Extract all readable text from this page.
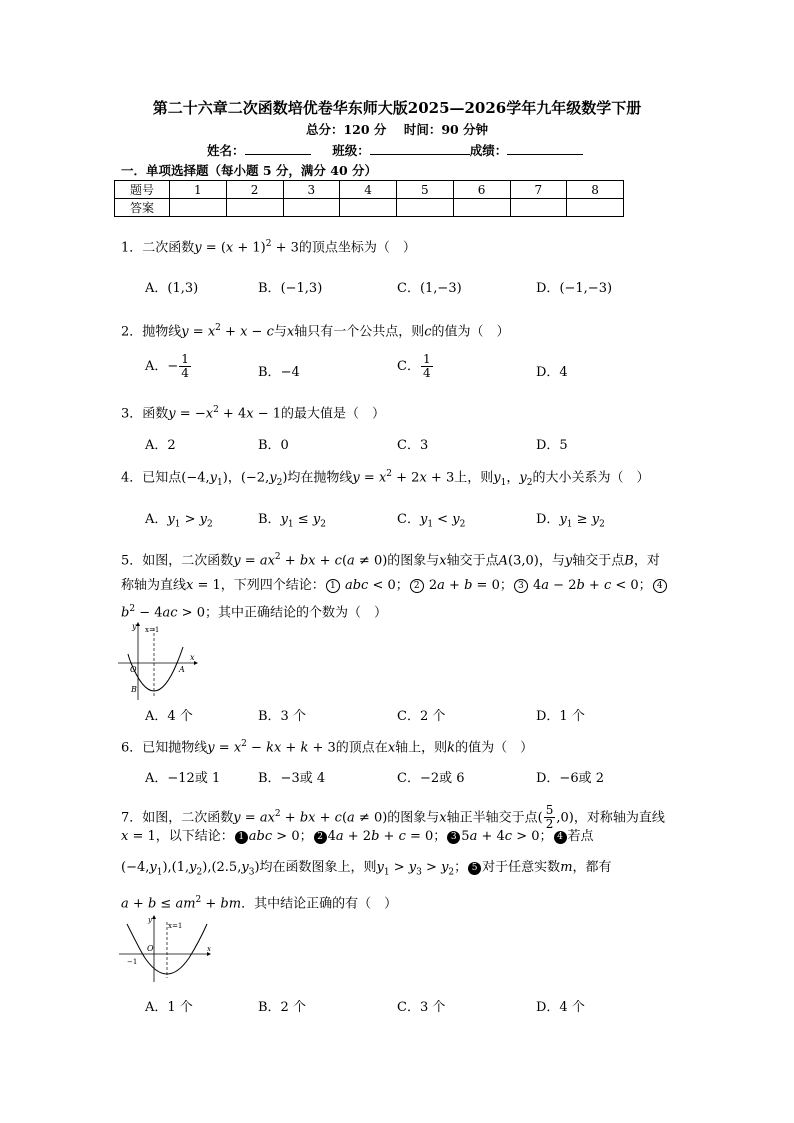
第二十六章二次函数培优卷华东师大版2025—2026学年九年级数学下册
总分：120 分 时间：90 分钟
姓名：	班级：	成绩：
一．单项选择题（每小题 5 分，满分 40 分）
题号	1	2	3	4	5	6	7	8
答案								
1．二次函数$y = (x + 1)^2 + 3$的顶点坐标为（　）
A．(1,3)	B．(−1,3)	C．(1,−3)	D．(−1,−3)
2．抛物线$y = x^2 + x - c$与x轴只有一个公共点，则c的值为（　）
A．− $\frac{1}{4}$	B．−4	C． $\frac{1}{4}$	D．4
3．函数$y = -x^2 + 4x - 1$的最大值是（　）
A．2	B．0	C．3	D．5
4．已知点$(-4,y_1)$，$(-2,y_2)$均在抛物线$y = x^2 + 2x + 3$上，则$y_1$，$y_2$的大小关系为（　）
A．$y_1 > y_2$	B．$y_1 \le y_2$	C．$y_1 < y_2$	D．$y_1 \ge y_2$
5．如图，二次函数$y = ax^2$ + bx + c(a ≠ 0)的图象与x轴交于点A(3,0)，与y轴交于点B，对
称轴为直线x = 1，下列四个结论： 1 abc < 0； 2 2a + b = 0； 3 4a − 2b + c < 0； 4
$b^2 - 4ac > 0$；其中正确结论的个数为（　）
y
x
O	A
B
x=1
A．4 个	B．3 个	C．2 个	D．1 个
6．已知抛物线$y = x^2$ − kx + k + 3的顶点在x轴上，则k的值为（　）
A．−12或 1	B．−3或 4	C．−2或 6	D．−6或 2
7．如图，二次函数$y = ax^2$ + bx + c(a ≠ 0)的图象与x轴正半轴交于点( $\frac{5}{2} ,0$)，对称轴为直线
x = 1，以下结论： 1 abc > 0； 2 4a + 2b + c = 0； 3 5a + 4c > 0； 4 若点
$(-4,y_1),(1,y_2),(2.5,y_3)$均在函数图象上，则$y_1 > y_3 > y_2$； 5 对于任意实数m，都有
$a + b \le am^2$ + bm．其中结论正确的有（　）
y
x
O
−1
x=1
A．1 个	B．2 个	C．3 个	D．4 个
